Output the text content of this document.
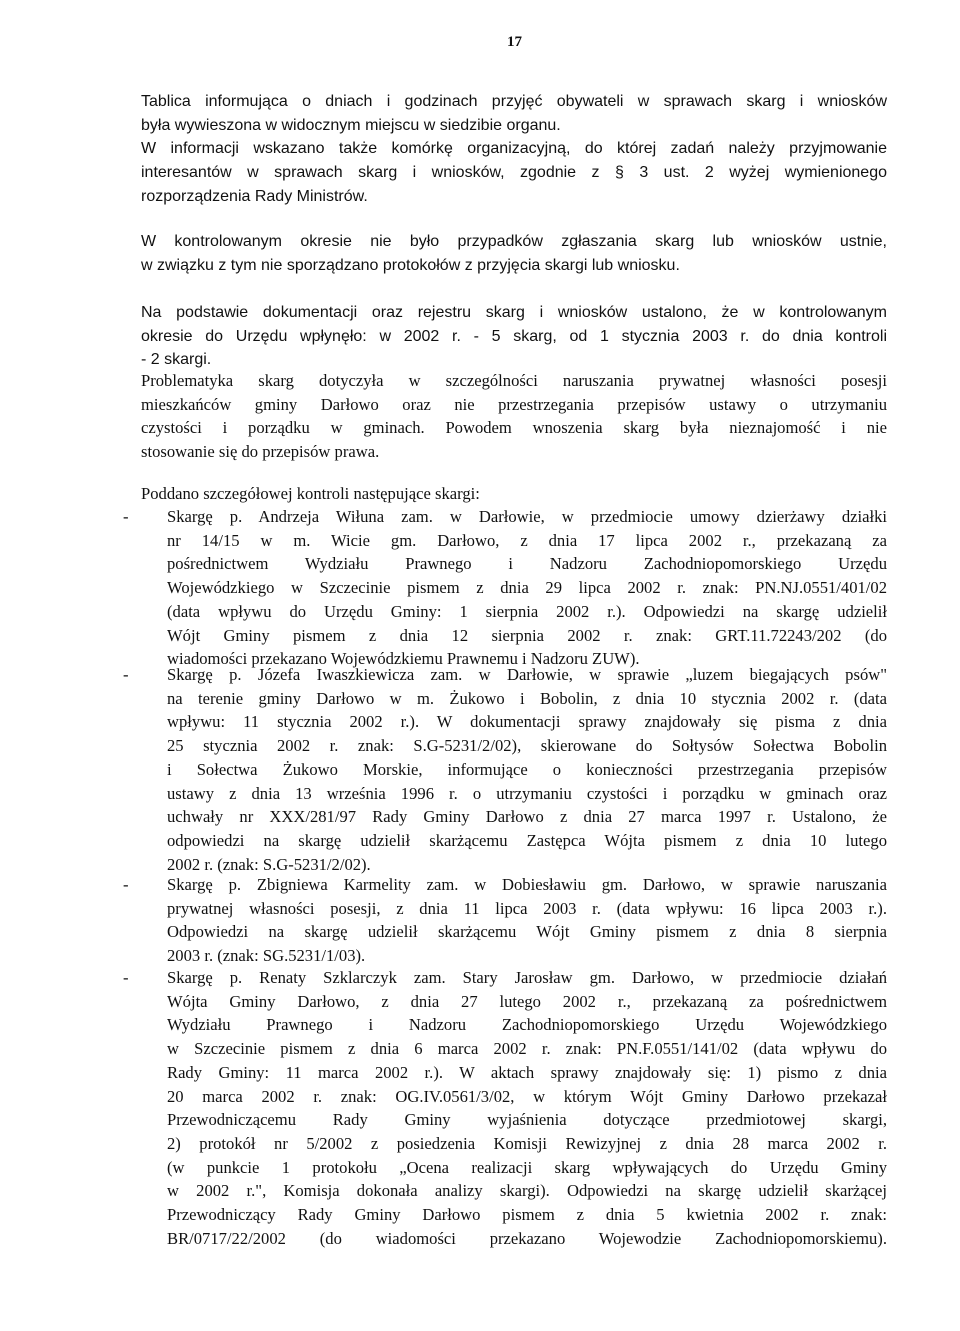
17
Tablica informująca o dniach i godzinach przyjęć obywateli w sprawach skarg i wniosków
była wywieszona w widocznym miejscu w siedzibie organu.
W informacji wskazano także komórkę organizacyjną, do której zadań należy przyjmowanie
interesantów w sprawach skarg i wniosków, zgodnie z § 3 ust. 2 wyżej wymienionego
rozporządzenia Rady Ministrów.
W kontrolowanym okresie nie było przypadków zgłaszania skarg lub wniosków ustnie,
w związku z tym nie sporządzano protokołów z przyjęcia skargi lub wniosku.
Na podstawie dokumentacji oraz rejestru skarg i wniosków ustalono, że w kontrolowanym
okresie do Urzędu wpłynęło: w 2002 r. - 5 skarg, od 1 stycznia 2003 r. do dnia kontroli
- 2 skargi.
Problematyka skarg dotyczyła w szczególności naruszania prywatnej własności posesji
mieszkańców gminy Darłowo oraz nie przestrzegania przepisów ustawy o utrzymaniu
czystości i porządku w gminach. Powodem wnoszenia skarg była nieznajomość i nie
stosowanie się do przepisów prawa.
Poddano szczegółowej kontroli następujące skargi:
-	Skargę p. Andrzeja Wiłuna zam. w Darłowie, w przedmiocie umowy dzierżawy działki
nr 14/15 w m. Wicie gm. Darłowo, z dnia 17 lipca 2002 r., przekazaną za
pośrednictwem Wydziału Prawnego i Nadzoru Zachodniopomorskiego Urzędu
Wojewódzkiego w Szczecinie pismem z dnia 29 lipca 2002 r. znak: PN.NJ.0551/401/02
(data wpływu do Urzędu Gminy: 1 sierpnia 2002 r.). Odpowiedzi na skargę udzielił
Wójt Gminy pismem z dnia 12 sierpnia 2002 r. znak: GRT.11.72243/202 (do
wiadomości przekazano Wojewódzkiemu Prawnemu i Nadzoru ZUW).
-	Skargę p. Józefa Iwaszkiewicza zam. w Darłowie, w sprawie „luzem biegających psów"
na terenie gminy Darłowo w m. Żukowo i Bobolin, z dnia 10 stycznia 2002 r. (data
wpływu: 11 stycznia 2002 r.). W dokumentacji sprawy znajdowały się pisma z dnia
25 stycznia 2002 r. znak: S.G-5231/2/02), skierowane do Sołtysów Sołectwa Bobolin
i Sołectwa Żukowo Morskie, informujące o konieczności przestrzegania przepisów
ustawy z dnia 13 września 1996 r. o utrzymaniu czystości i porządku w gminach oraz
uchwały nr XXX/281/97 Rady Gminy Darłowo z dnia 27 marca 1997 r. Ustalono, że
odpowiedzi na skargę udzielił skarżącemu Zastępca Wójta pismem z dnia 10 lutego
2002 r. (znak: S.G-5231/2/02).
-	Skargę p. Zbigniewa Karmelity zam. w Dobiesławiu gm. Darłowo, w sprawie naruszania
prywatnej własności posesji, z dnia 11 lipca 2003 r. (data wpływu: 16 lipca 2003 r.).
Odpowiedzi na skargę udzielił skarżącemu Wójt Gminy pismem z dnia 8 sierpnia
2003 r. (znak: SG.5231/1/03).
-	Skargę p. Renaty Szklarczyk zam. Stary Jarosław gm. Darłowo, w przedmiocie działań
Wójta Gminy Darłowo, z dnia 27 lutego 2002 r., przekazaną za pośrednictwem
Wydziału Prawnego i Nadzoru Zachodniopomorskiego Urzędu Wojewódzkiego
w Szczecinie pismem z dnia 6 marca 2002 r. znak: PN.F.0551/141/02 (data wpływu do
Rady Gminy: 11 marca 2002 r.). W aktach sprawy znajdowały się: 1) pismo z dnia
20 marca 2002 r. znak: OG.IV.0561/3/02, w którym Wójt Gminy Darłowo przekazał
Przewodniczącemu Rady Gminy wyjaśnienia dotyczące przedmiotowej skargi,
2) protokół nr 5/2002 z posiedzenia Komisji Rewizyjnej z dnia 28 marca 2002 r.
(w punkcie 1 protokołu „Ocena realizacji skarg wpływających do Urzędu Gminy
w 2002 r.", Komisja dokonała analizy skargi). Odpowiedzi na skargę udzielił skarżącej
Przewodniczący Rady Gminy Darłowo pismem z dnia 5 kwietnia 2002 r. znak:
BR/0717/22/2002 (do wiadomości przekazano Wojewodzie Zachodniopomorskiemu).
